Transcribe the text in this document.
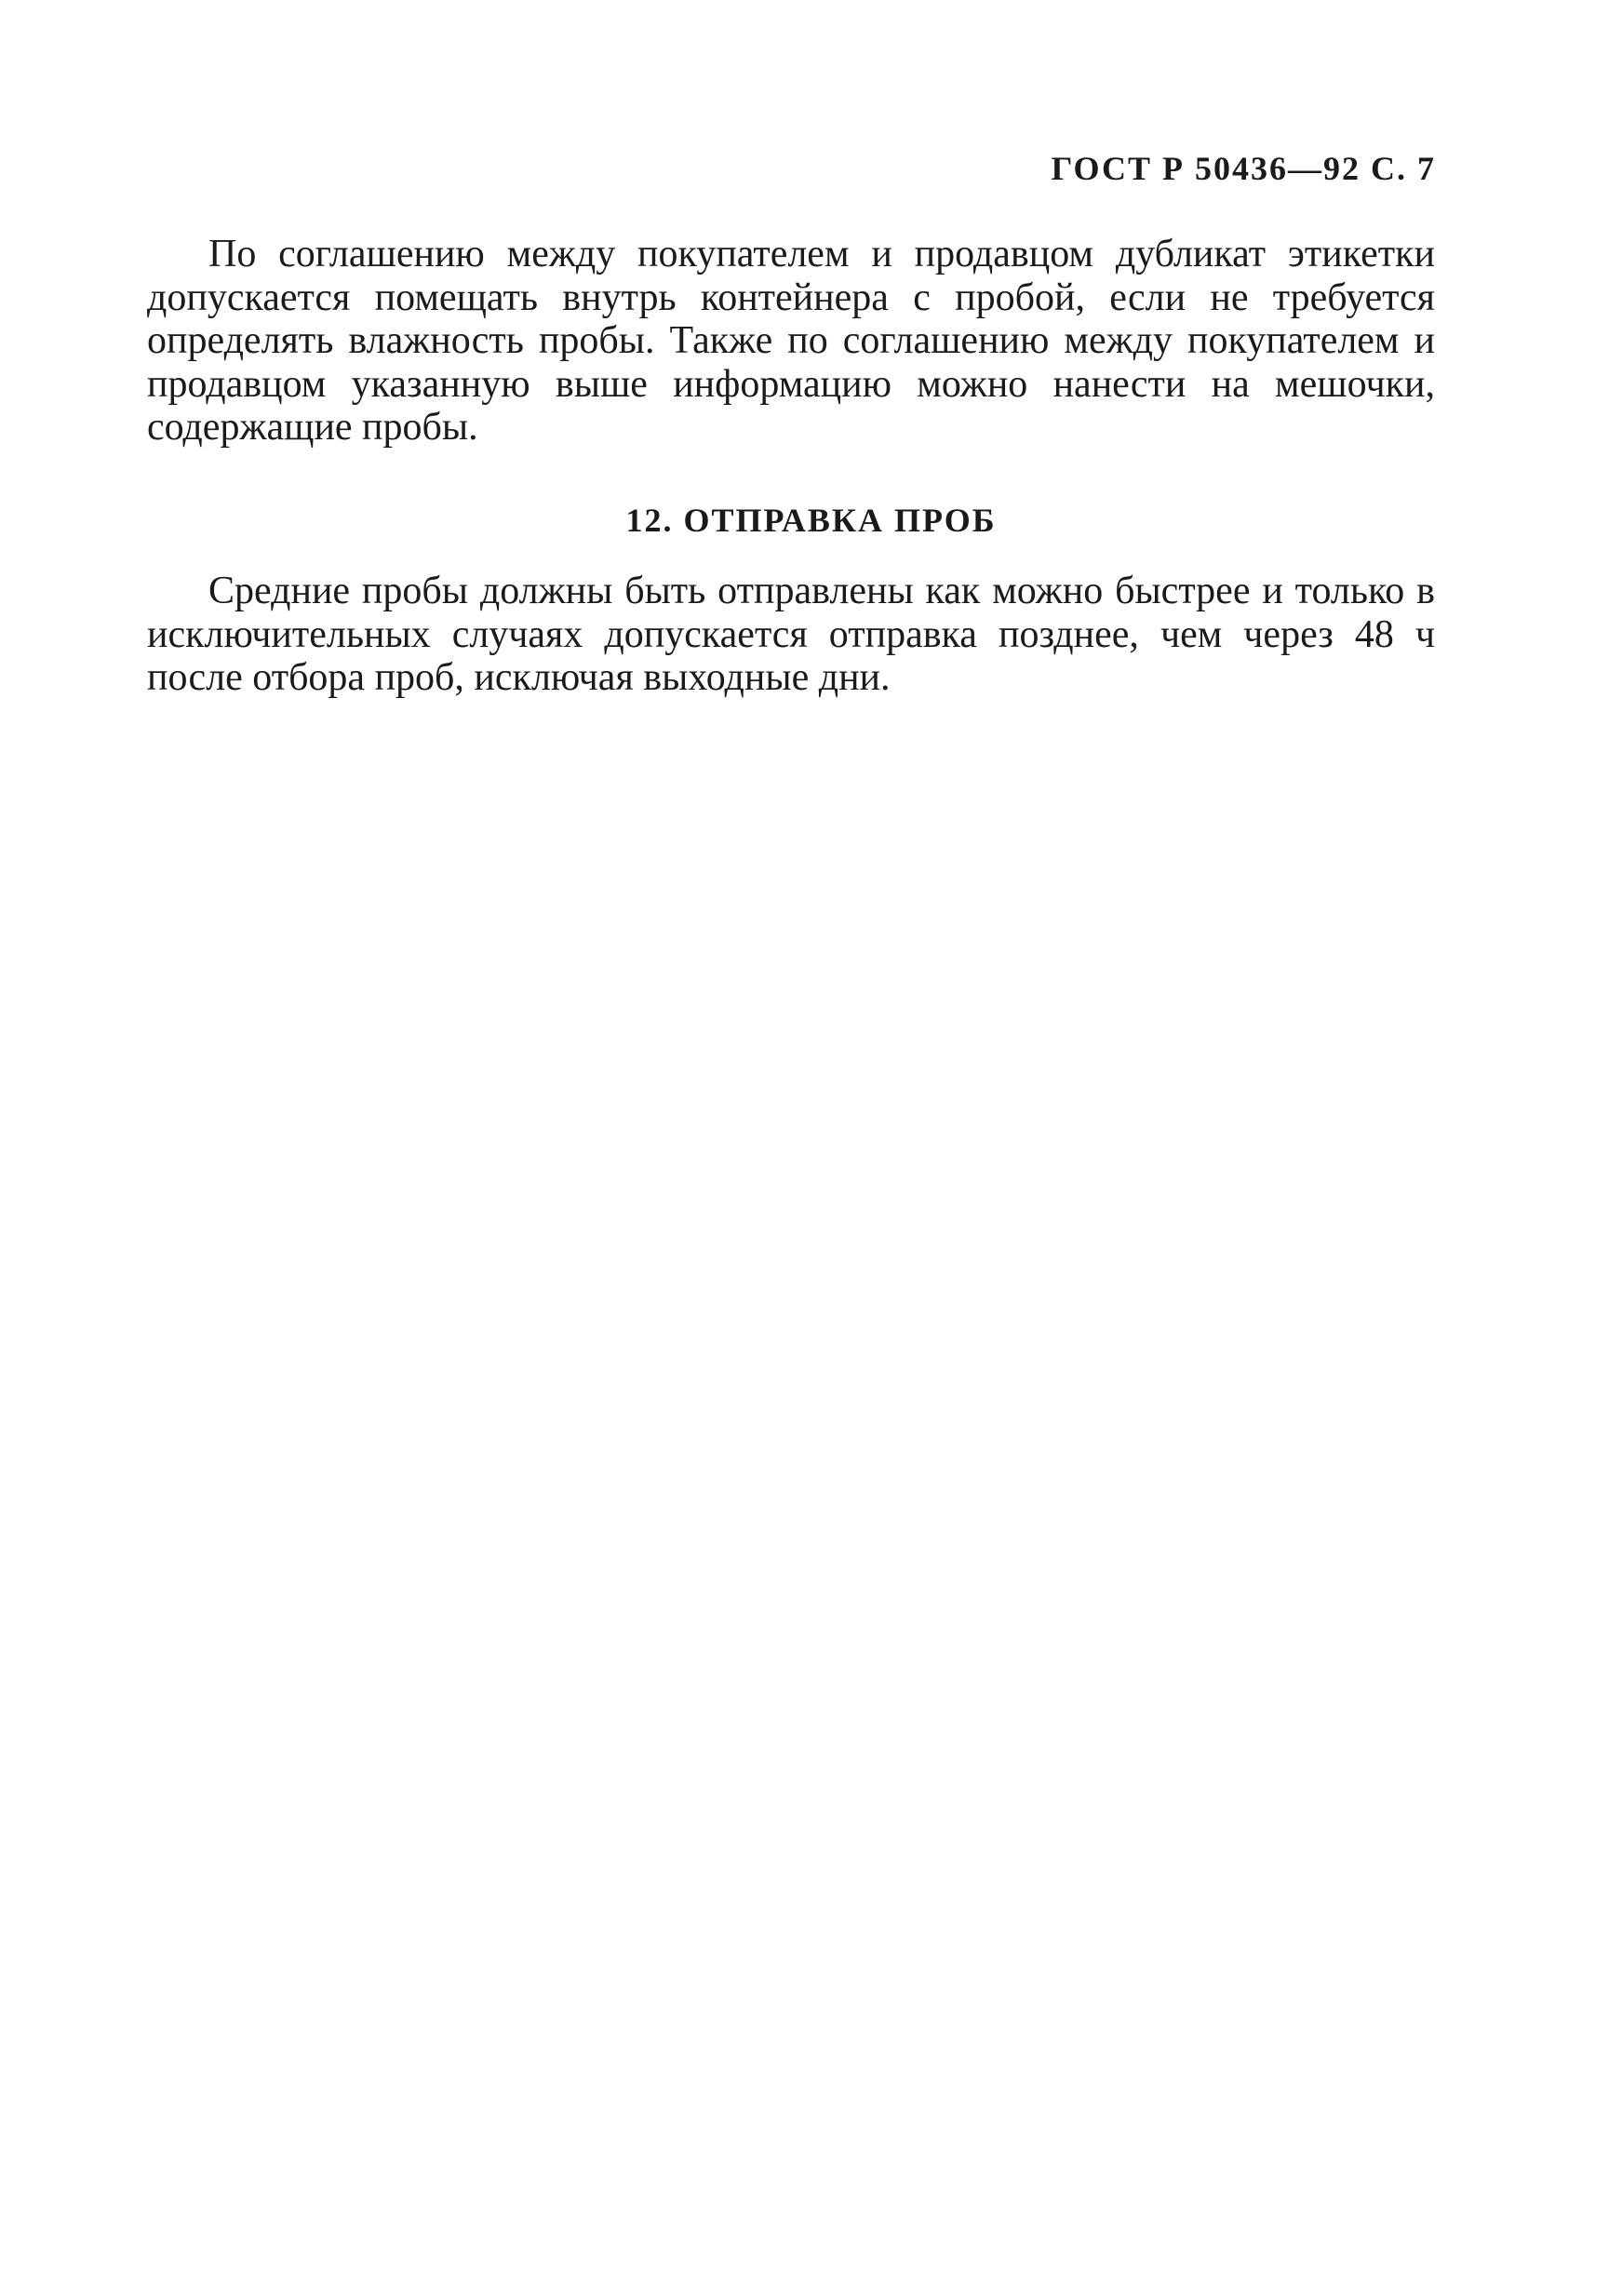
ГОСТ Р 50436—92 С. 7

По соглашению между покупателем и продавцом дубликат этикетки допускается помещать внутрь контейнера с пробой, если не требуется определять влажность пробы. Также по соглашению между покупателем и продавцом указанную выше информацию можно нанести на мешочки, содержащие пробы.

12. ОТПРАВКА ПРОБ

Средние пробы должны быть отправлены как можно быстрее и только в исключительных случаях допускается отправка позднее, чем через 48 ч после отбора проб, исключая выходные дни.
